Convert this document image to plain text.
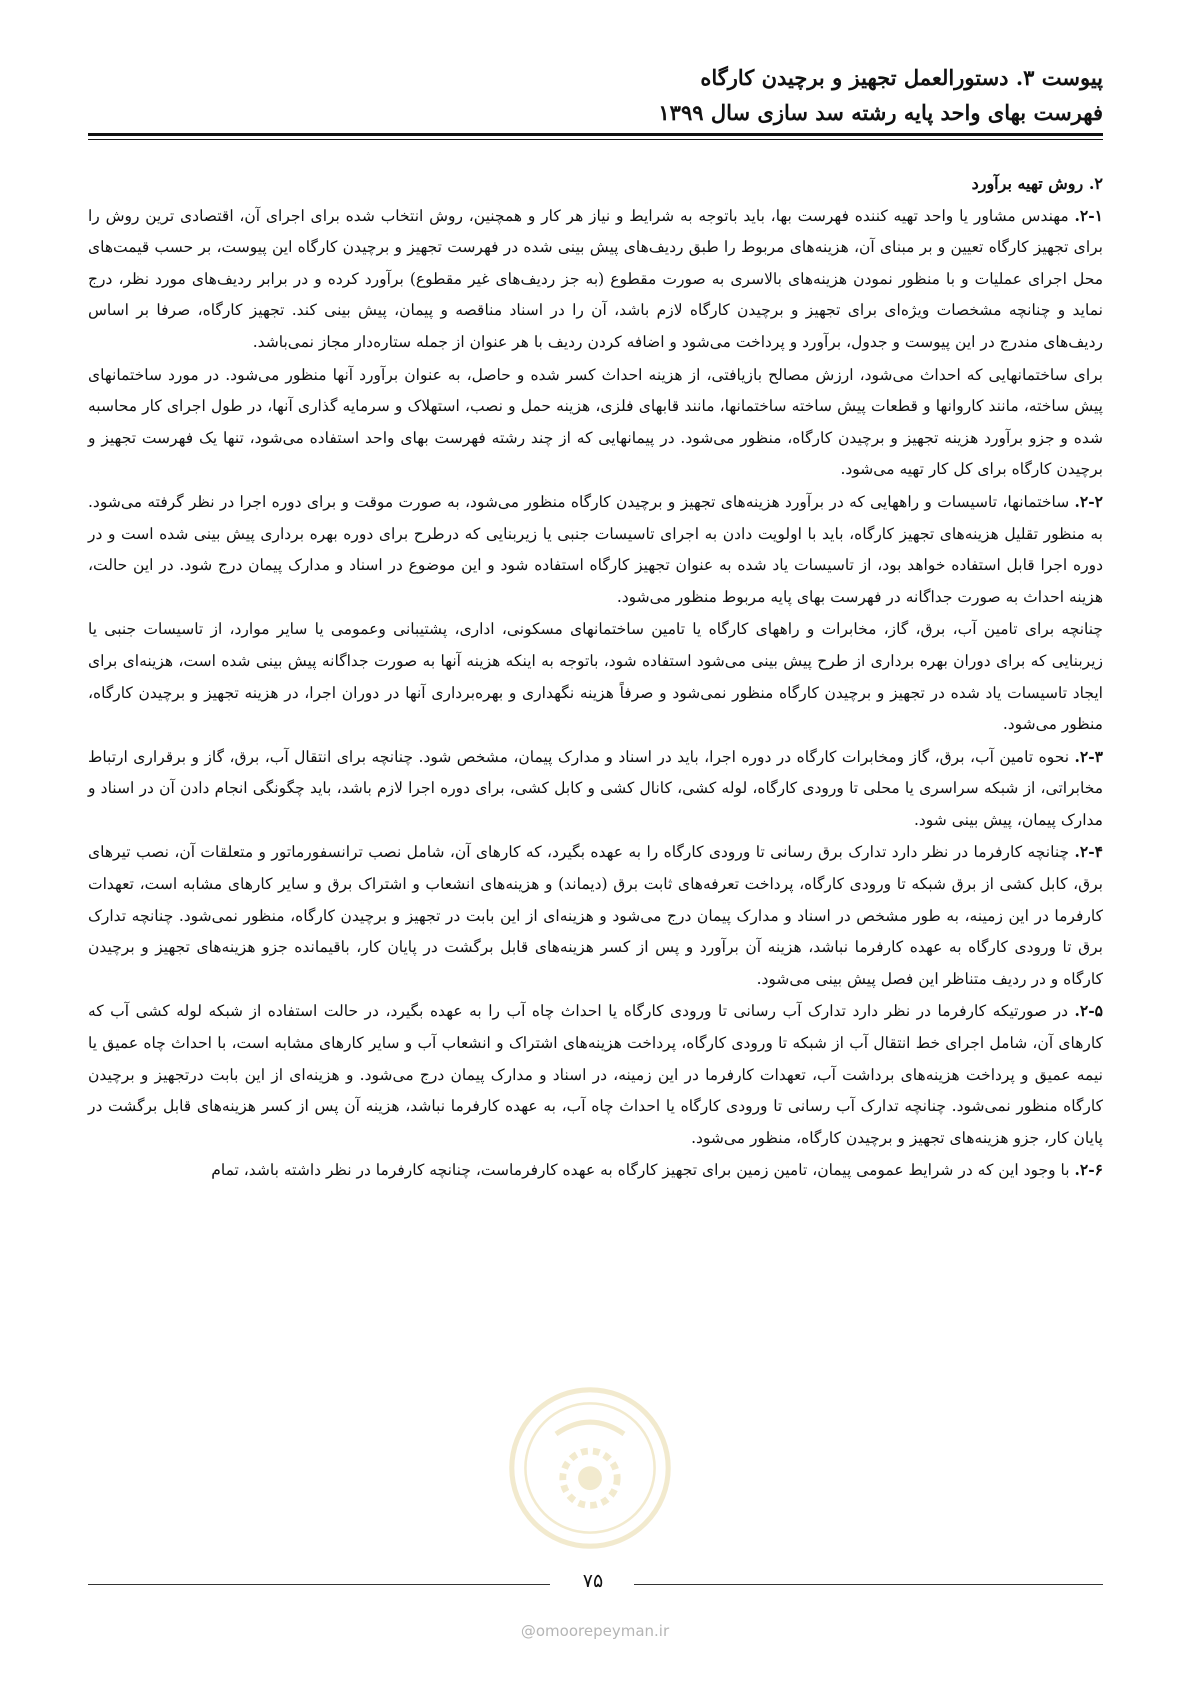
پیوست ۳. دستورالعمل تجهیز و برچیدن کارگاه
فهرست بهای واحد پایه رشته سد سازی سال ۱۳۹۹

۲. روش تهیه برآورد

۲-۱. مهندس مشاور یا واحد تهیه کننده فهرست بها، باید باتوجه به شرایط و نیاز هر کار و همچنین، روش انتخاب شده برای اجرای آن، اقتصادی ترین روش را برای تجهیز کارگاه تعیین و بر مبنای آن، هزینه‌های مربوط را طبق ردیف‌های پیش بینی شده در فهرست تجهیز و برچیدن کارگاه این پیوست، بر حسب قیمت‌های محل اجرای عملیات و با منظور نمودن هزینه‌های بالاسری به صورت مقطوع (به جز ردیف‌های غیر مقطوع) برآورد کرده و در برابر ردیف‌های مورد نظر، درج نماید و چنانچه مشخصات ویژه‌ای برای تجهیز و برچیدن کارگاه لازم باشد، آن را در اسناد مناقصه و پیمان، پیش بینی کند. تجهیز کارگاه، صرفا بر اساس ردیف‌های مندرج در این پیوست و جدول، برآورد و پرداخت می‌شود و اضافه کردن ردیف با هر عنوان از جمله ستاره‌دار مجاز نمی‌باشد.

برای ساختمانهایی که احداث می‌شود، ارزش مصالح بازیافتی، از هزینه احداث کسر شده و حاصل، به عنوان برآورد آنها منظور می‌شود. در مورد ساختمانهای پیش ساخته، مانند کاروانها و قطعات پیش ساخته ساختمانها، مانند قابهای فلزی، هزینه حمل و نصب، استهلاک و سرمایه گذاری آنها، در طول اجرای کار محاسبه شده و جزو برآورد هزینه تجهیز و برچیدن کارگاه، منظور می‌شود. در پیمانهایی که از چند رشته فهرست بهای واحد استفاده می‌شود، تنها یک فهرست تجهیز و برچیدن کارگاه برای کل کار تهیه می‌شود.

۲-۲. ساختمانها، تاسیسات و راههایی که در برآورد هزینه‌های تجهیز و برچیدن کارگاه منظور می‌شود، به صورت موقت و برای دوره اجرا در نظر گرفته می‌شود. به منظور تقلیل هزینه‌های تجهیز کارگاه، باید با اولویت دادن به اجرای تاسیسات جنبی یا زیربنایی که درطرح برای دوره بهره برداری پیش بینی شده است و در دوره اجرا قابل استفاده خواهد بود، از تاسیسات یاد شده به عنوان تجهیز کارگاه استفاده شود و این موضوع در اسناد و مدارک پیمان درج شود. در این حالت، هزینه احداث به صورت جداگانه در فهرست بهای پایه مربوط منظور می‌شود.

چنانچه برای تامین آب، برق، گاز، مخابرات و راههای کارگاه یا تامین ساختمانهای مسکونی، اداری، پشتیبانی وعمومی یا سایر موارد، از تاسیسات جنبی یا زیربنایی که برای دوران بهره برداری از طرح پیش بینی می‌شود استفاده شود، باتوجه به اینکه هزینه آنها به صورت جداگانه پیش بینی شده است، هزینه‌ای برای ایجاد تاسیسات یاد شده در تجهیز و برچیدن کارگاه منظور نمی‌شود و صرفاً هزینه نگهداری و بهره‌برداری آنها در دوران اجرا، در هزینه تجهیز و برچیدن کارگاه، منظور می‌شود.

۲-۳. نحوه تامین آب، برق، گاز ومخابرات کارگاه در دوره اجرا، باید در اسناد و مدارک پیمان، مشخص شود. چنانچه برای انتقال آب، برق، گاز و برقراری ارتباط مخابراتی، از شبکه سراسری یا محلی تا ورودی کارگاه، لوله کشی، کانال کشی و کابل کشی، برای دوره اجرا لازم باشد، باید چگونگی انجام دادن آن در اسناد و مدارک پیمان، پیش بینی شود.

۲-۴. چنانچه کارفرما در نظر دارد تدارک برق رسانی تا ورودی کارگاه را به عهده بگیرد، که کارهای آن، شامل نصب ترانسفورماتور و متعلقات آن، نصب تیرهای برق، کابل کشی از برق شبکه تا ورودی کارگاه، پرداخت تعرفه‌های ثابت برق (دیماند) و هزینه‌های انشعاب و اشتراک برق و سایر کارهای مشابه است، تعهدات کارفرما در این زمینه، به طور مشخص در اسناد و مدارک پیمان درج می‌شود و هزینه‌ای از این بابت در تجهیز و برچیدن کارگاه، منظور نمی‌شود. چنانچه تدارک برق تا ورودی کارگاه به عهده کارفرما نباشد، هزینه آن برآورد و پس از کسر هزینه‌های قابل برگشت در پایان کار، باقیمانده جزو هزینه‌های تجهیز و برچیدن کارگاه و در ردیف متناظر این فصل پیش بینی می‌شود.

۲-۵. در صورتیکه کارفرما در نظر دارد تدارک آب رسانی تا ورودی کارگاه یا احداث چاه آب را به عهده بگیرد، در حالت استفاده از شبکه لوله کشی آب که کارهای آن، شامل اجرای خط انتقال آب از شبکه تا ورودی کارگاه، پرداخت هزینه‌های اشتراک و انشعاب آب و سایر کارهای مشابه است، با احداث چاه عمیق یا نیمه عمیق و پرداخت هزینه‌های برداشت آب، تعهدات کارفرما در این زمینه، در اسناد و مدارک پیمان درج می‌شود. و هزینه‌ای از این بابت درتجهیز و برچیدن کارگاه منظور نمی‌شود. چنانچه تدارک آب رسانی تا ورودی کارگاه یا احداث چاه آب، به عهده کارفرما نباشد، هزینه آن پس از کسر هزینه‌های قابل برگشت در پایان کار، جزو هزینه‌های تجهیز و برچیدن کارگاه، منظور می‌شود.

۲-۶. با وجود این که در شرایط عمومی پیمان، تامین زمین برای تجهیز کارگاه به عهده کارفرماست، چنانچه کارفرما در نظر داشته باشد، تمام

۷۵
@omoorepeyman.ir
